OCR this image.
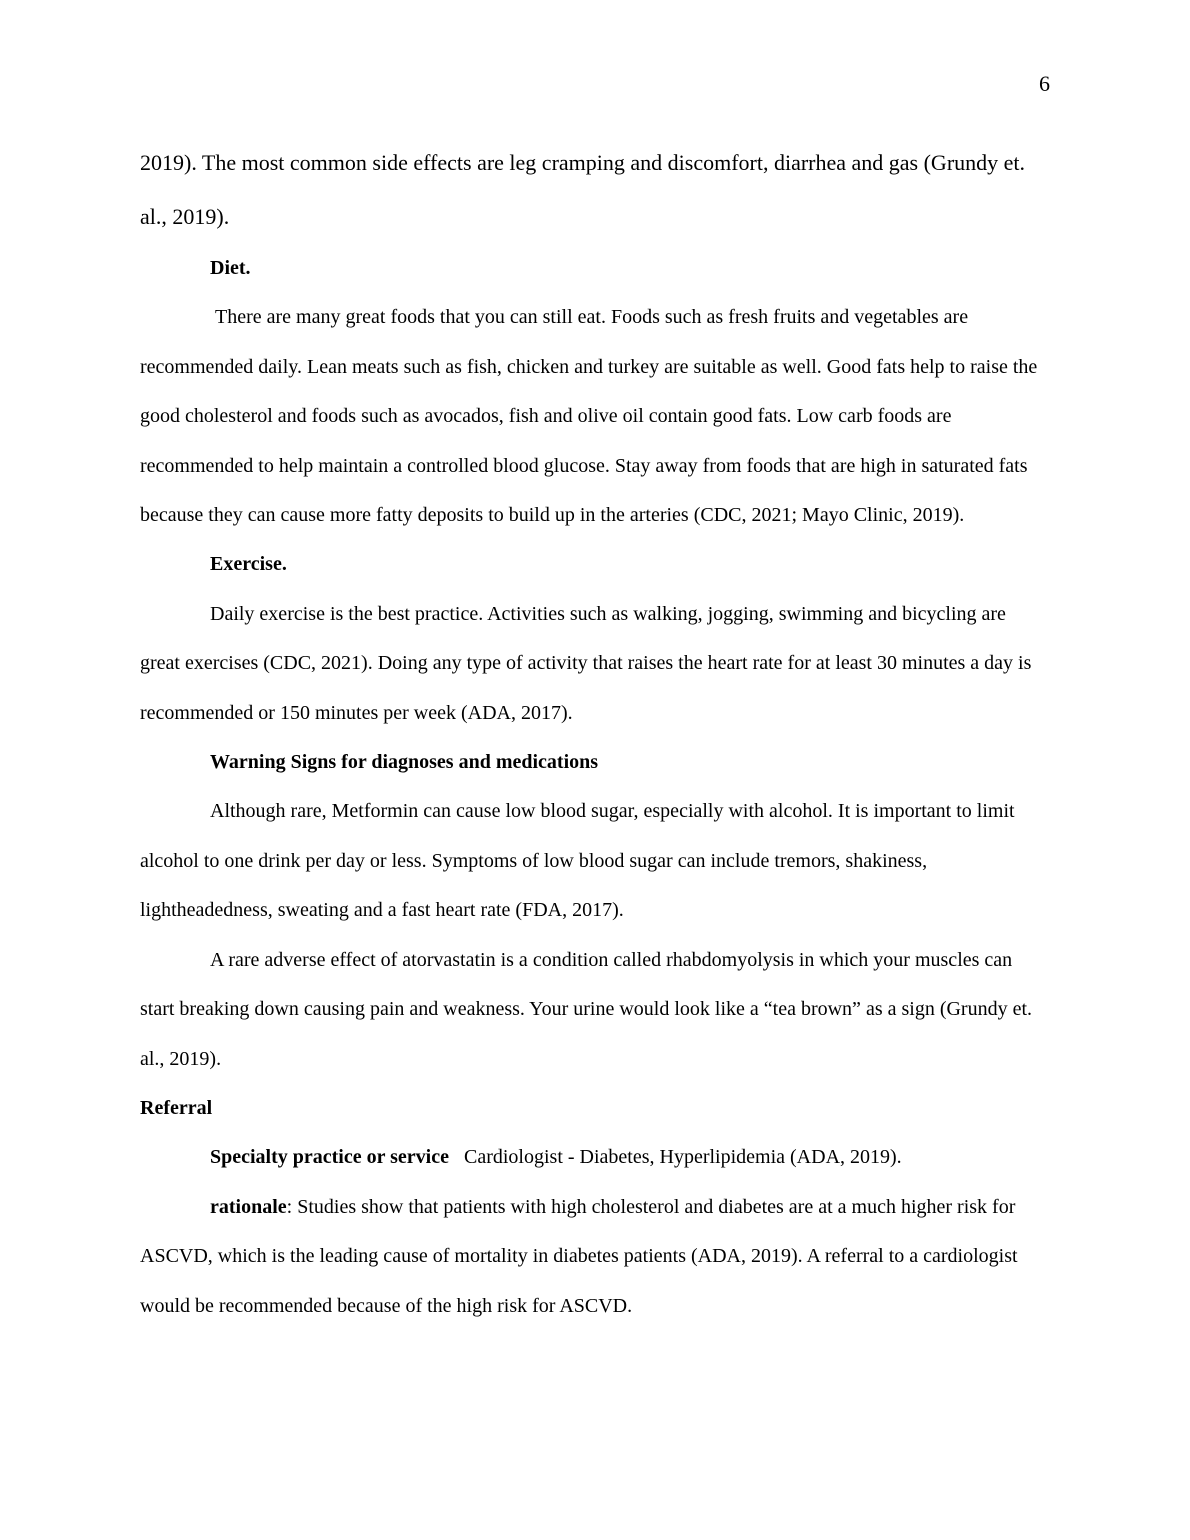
6

2019). The most common side effects are leg cramping and discomfort, diarrhea and gas (Grundy et. al., 2019).

Diet.

There are many great foods that you can still eat. Foods such as fresh fruits and vegetables are recommended daily. Lean meats such as fish, chicken and turkey are suitable as well. Good fats help to raise the good cholesterol and foods such as avocados, fish and olive oil contain good fats. Low carb foods are recommended to help maintain a controlled blood glucose. Stay away from foods that are high in saturated fats because they can cause more fatty deposits to build up in the arteries (CDC, 2021; Mayo Clinic, 2019).

Exercise.

Daily exercise is the best practice. Activities such as walking, jogging, swimming and bicycling are great exercises (CDC, 2021). Doing any type of activity that raises the heart rate for at least 30 minutes a day is recommended or 150 minutes per week (ADA, 2017).

Warning Signs for diagnoses and medications

Although rare, Metformin can cause low blood sugar, especially with alcohol. It is important to limit alcohol to one drink per day or less. Symptoms of low blood sugar can include tremors, shakiness, lightheadedness, sweating and a fast heart rate (FDA, 2017).

A rare adverse effect of atorvastatin is a condition called rhabdomyolysis in which your muscles can start breaking down causing pain and weakness. Your urine would look like a “tea brown” as a sign (Grundy et. al., 2019).

Referral

Specialty practice or service   Cardiologist - Diabetes, Hyperlipidemia (ADA, 2019).

rationale: Studies show that patients with high cholesterol and diabetes are at a much higher risk for ASCVD, which is the leading cause of mortality in diabetes patients (ADA, 2019). A referral to a cardiologist would be recommended because of the high risk for ASCVD.
